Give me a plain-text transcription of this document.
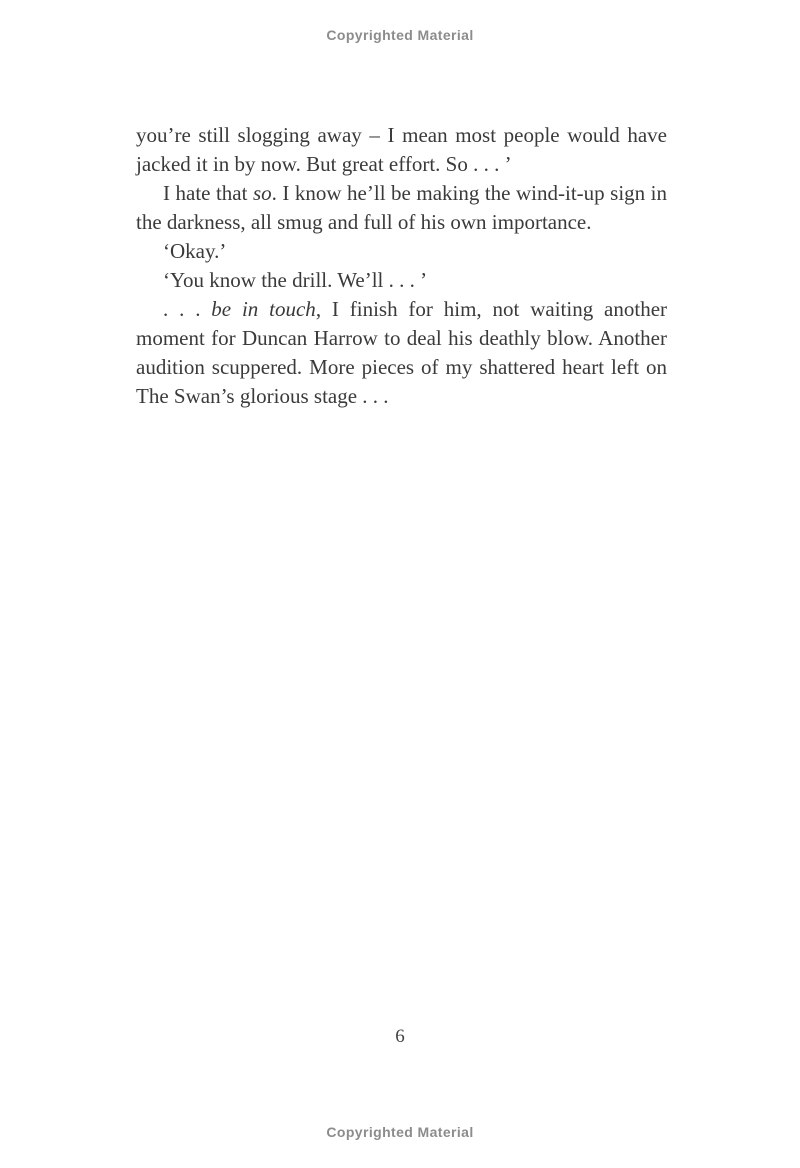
Copyrighted Material

you’re still slogging away – I mean most people would have jacked it in by now. But great effort. So . . . ’

I hate that so. I know he’ll be making the wind-it-up sign in the darkness, all smug and full of his own importance.

‘Okay.’

‘You know the drill. We’ll . . . ’

. . . be in touch, I finish for him, not waiting another moment for Duncan Harrow to deal his deathly blow. Another audition scuppered. More pieces of my shattered heart left on The Swan’s glorious stage . . .

6
Copyrighted Material
